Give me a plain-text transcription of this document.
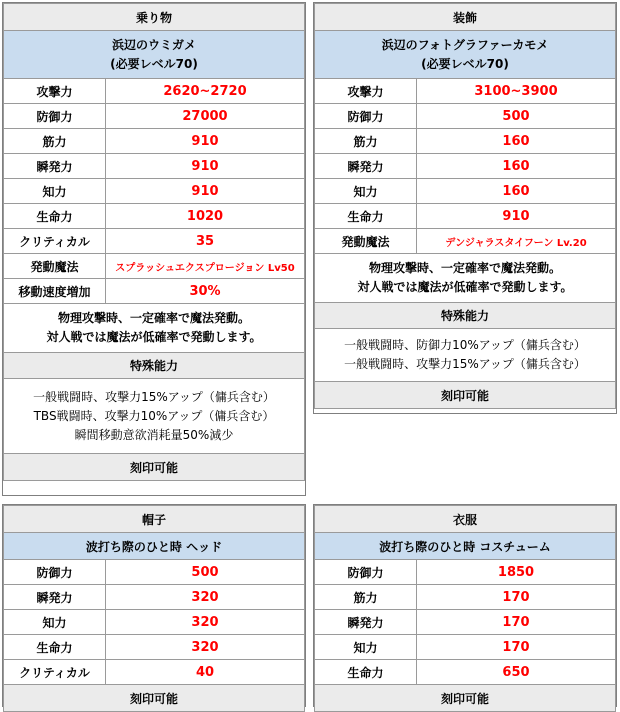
乗り物	
浜辺のウミガメ
(必要レベル70)	
攻撃力	2620~2720
防御力	27000
筋力	910
瞬発力	910
知力	910
生命力	1020
クリティカル	35
発動魔法	スプラッシュエクスプロージョン Lv50
移動速度増加	30%
物理攻撃時、一定確率で魔法発動。
対人戦では魔法が低確率で発動します。	
特殊能力	
一般戦闘時、攻撃力15%アップ（傭兵含む）
TBS戦闘時、攻撃力10%アップ（傭兵含む）
瞬間移動意欲消耗量50%減少	
刻印可能	
装飾	
浜辺のフォトグラファーカモメ
(必要レベル70)	
攻撃力	3100~3900
防御力	500
筋力	160
瞬発力	160
知力	160
生命力	910
発動魔法	デンジャラスタイフーン Lv.20
物理攻撃時、一定確率で魔法発動。
対人戦では魔法が低確率で発動します。	
特殊能力	
一般戦闘時、防御力10%アップ（傭兵含む）
一般戦闘時、攻撃力15%アップ（傭兵含む）	
刻印可能	
帽子	
波打ち際のひと時 ヘッド	
防御力	500
瞬発力	320
知力	320
生命力	320
クリティカル	40
刻印可能	
衣服	
波打ち際のひと時 コスチューム	
防御力	1850
筋力	170
瞬発力	170
知力	170
生命力	650
刻印可能	
